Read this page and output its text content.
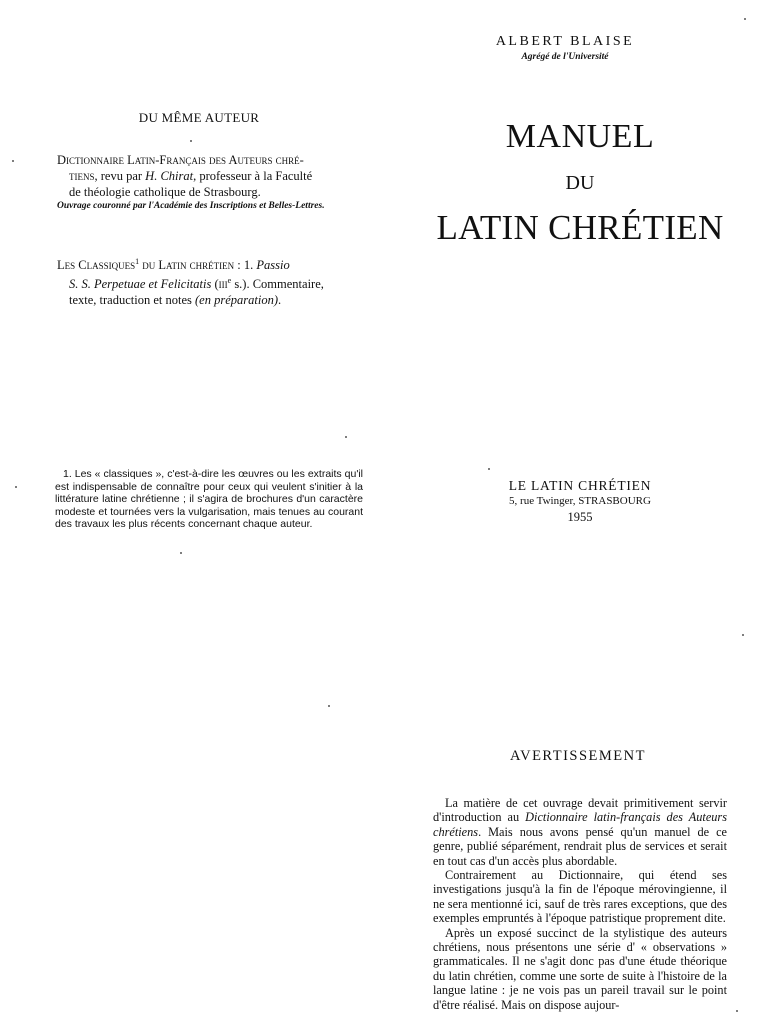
DU MÊME AUTEUR
Dictionnaire Latin-Français des Auteurs chré-
tiens, revu par H. Chirat, professeur à la Faculté
de théologie catholique de Strasbourg.
Ouvrage couronné par l'Académie des Inscriptions et Belles-Lettres.
Les Classiques$^1$ du Latin chrétien : 1. Passio
S. S. Perpetuae et Felicitatis (iii$^e$ s.). Commentaire,
texte, traduction et notes (en préparation).
1. Les « classiques », c'est-à-dire les œuvres ou les extraits qu'il est indispensable de connaître pour ceux qui veulent s'initier à la littérature latine chrétienne ; il s'agira de brochures d'un caractère modeste et tournées vers la vulgarisation, mais tenues au courant des travaux les plus récents concernant chaque auteur.
ALBERT BLAISE
Agrégé de l'Université
MANUEL
DU
LATIN CHRÉTIEN
LE LATIN CHRÉTIEN
5, rue Twinger, STRASBOURG
1955
AVERTISSEMENT

La matière de cet ouvrage devait primitivement servir d'introduction au Dictionnaire latin-français des Auteurs chrétiens. Mais nous avons pensé qu'un manuel de ce genre, publié séparément, rendrait plus de services et serait en tout cas d'un accès plus abordable.

Contrairement au Dictionnaire, qui étend ses investigations jusqu'à la fin de l'époque mérovingienne, il ne sera mentionné ici, sauf de très rares exceptions, que des exemples empruntés à l'époque patristique proprement dite.

Après un exposé succinct de la stylistique des auteurs chrétiens, nous présentons une série d' « observations » grammaticales. Il ne s'agit donc pas d'une étude théorique du latin chrétien, comme une sorte de suite à l'histoire de la langue latine : je ne vois pas un pareil travail sur le point d'être réalisé. Mais on dispose aujour-
